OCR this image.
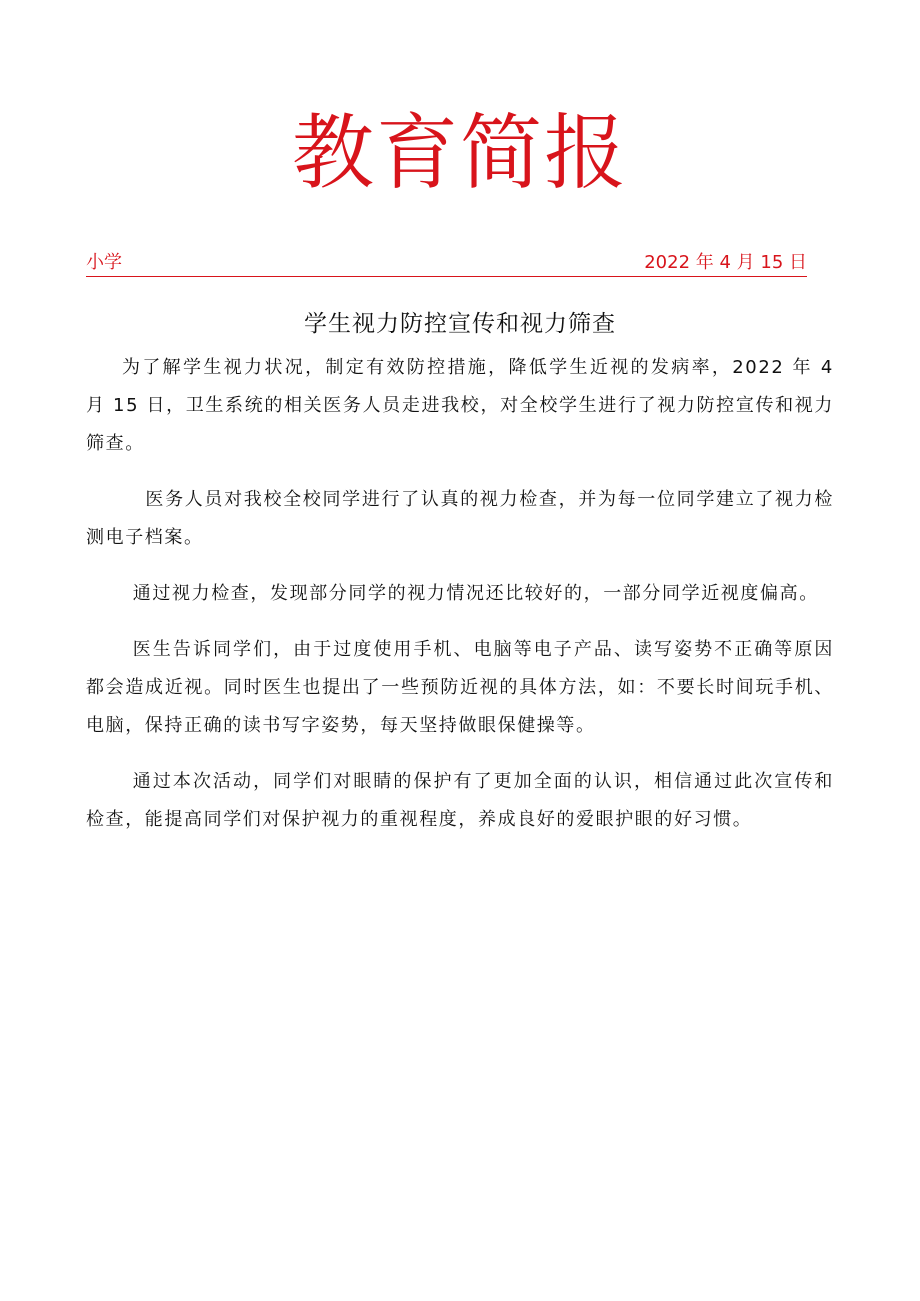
教育简报
小学	2022 年 4 月 15 日
学生视力防控宣传和视力筛查

为了解学生视力状况，制定有效防控措施，降低学生近视的发病率，2022 年 4 月 15 日，卫生系统的相关医务人员走进我校，对全校学生进行了视力防控宣传和视力筛查。

医务人员对我校全校同学进行了认真的视力检查，并为每一位同学建立了视力检测电子档案。

通过视力检查，发现部分同学的视力情况还比较好的，一部分同学近视度偏高。

医生告诉同学们，由于过度使用手机、电脑等电子产品、读写姿势不正确等原因都会造成近视。同时医生也提出了一些预防近视的具体方法，如：不要长时间玩手机、电脑，保持正确的读书写字姿势，每天坚持做眼保健操等。

通过本次活动，同学们对眼睛的保护有了更加全面的认识，相信通过此次宣传和检查，能提高同学们对保护视力的重视程度，养成良好的爱眼护眼的好习惯。
